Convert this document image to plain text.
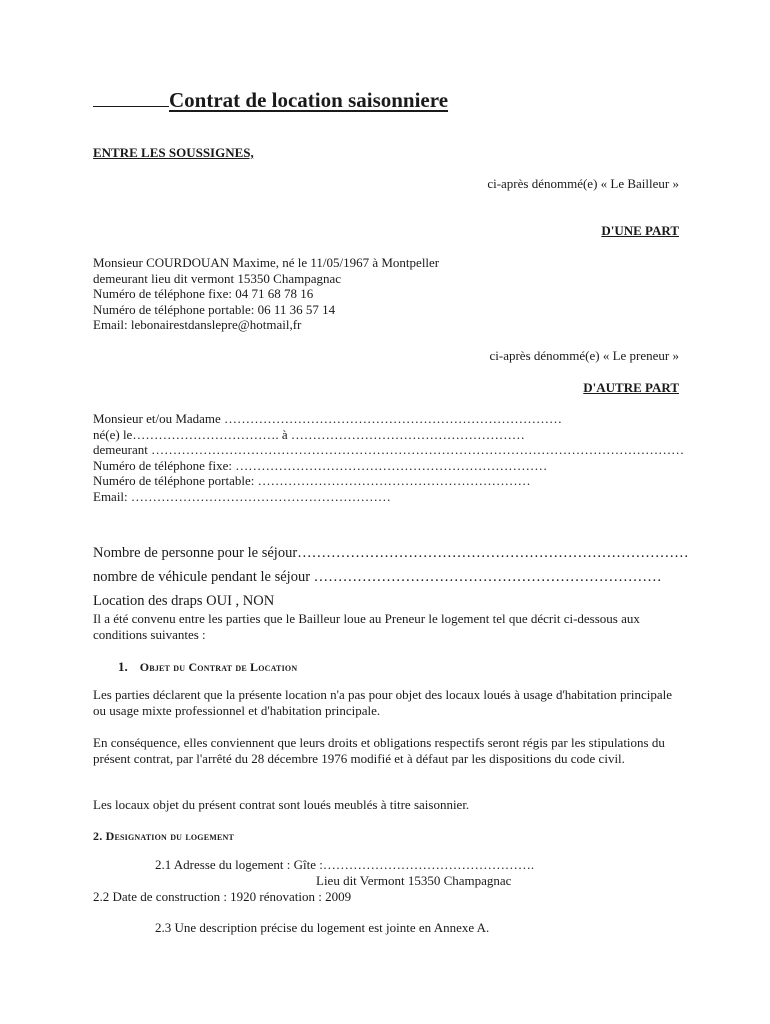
Contrat de location saisonniere
ENTRE LES SOUSSIGNES,
ci-après dénommé(e) « Le Bailleur »
D'UNE PART
Monsieur COURDOUAN Maxime, né le 11/05/1967 à Montpeller
demeurant lieu dit vermont 15350 Champagnac
Numéro de téléphone fixe: 04 71 68 78 16
Numéro de téléphone portable: 06 11 36 57 14
Email: lebonairestdanslepre@hotmail,fr
ci-après dénommé(e) « Le preneur »
D'AUTRE PART
Monsieur et/ou Madame ……………………………………………………………………
né(e) le……………………………. à ………………………………………………
demeurant ……………………………………………………………………………………………………………
Numéro de téléphone fixe: ………………………………………………………………
Numéro de téléphone portable: ………………………………………………………
Email: ……………………………………………………
Nombre de personne pour le séjour………………………………………………………………………
nombre de véhicule pendant le séjour ………………………………………………………………
Location des draps OUI , NON
Il a été convenu entre les parties que le Bailleur loue au Preneur le logement tel que décrit ci-dessous aux conditions suivantes :
1. Objet du Contrat de Location
Les parties déclarent que la présente location n'a pas pour objet des locaux loués à usage d'habitation principale ou usage mixte professionnel et d'habitation principale.
En conséquence, elles conviennent que leurs droits et obligations respectifs seront régis par les stipulations du présent contrat, par l'arrêté du 28 décembre 1976 modifié et à défaut par les dispositions du code civil.
Les locaux objet du présent contrat sont loués meublés à titre saisonnier.
2. Designation du logement
2.1 Adresse du logement : Gîte :………………………………………….
Lieu dit Vermont 15350 Champagnac
2.2 Date de construction : 1920 rénovation : 2009
2.3 Une description précise du logement est jointe en Annexe A.
